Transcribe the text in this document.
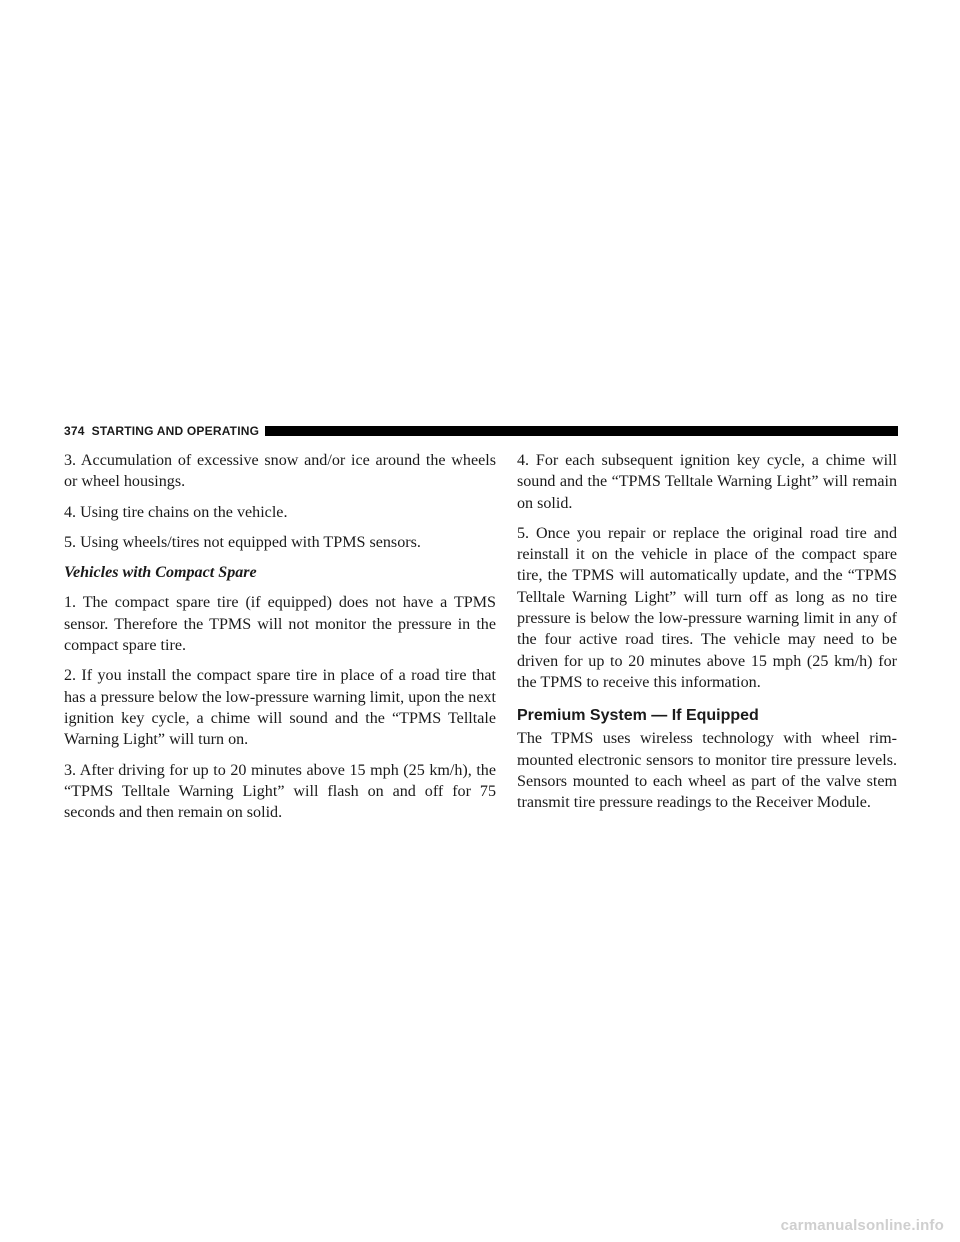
374 STARTING AND OPERATING

3. Accumulation of excessive snow and/or ice around the wheels or wheel housings.

4. Using tire chains on the vehicle.

5. Using wheels/tires not equipped with TPMS sensors.

Vehicles with Compact Spare

1. The compact spare tire (if equipped) does not have a TPMS sensor. Therefore the TPMS will not monitor the pressure in the compact spare tire.

2. If you install the compact spare tire in place of a road tire that has a pressure below the low-pressure warning limit, upon the next ignition key cycle, a chime will sound and the “TPMS Telltale Warning Light” will turn on.

3. After driving for up to 20 minutes above 15 mph (25 km/h), the “TPMS Telltale Warning Light” will flash on and off for 75 seconds and then remain on solid.

4. For each subsequent ignition key cycle, a chime will sound and the “TPMS Telltale Warning Light” will remain on solid.

5. Once you repair or replace the original road tire and reinstall it on the vehicle in place of the compact spare tire, the TPMS will automatically update, and the “TPMS Telltale Warning Light” will turn off as long as no tire pressure is below the low-pressure warning limit in any of the four active road tires. The vehicle may need to be driven for up to 20 minutes above 15 mph (25 km/h) for the TPMS to receive this information.

Premium System — If Equipped

The TPMS uses wireless technology with wheel rim-mounted electronic sensors to monitor tire pressure levels. Sensors mounted to each wheel as part of the valve stem transmit tire pressure readings to the Receiver Module.

carmanualsonline.info
